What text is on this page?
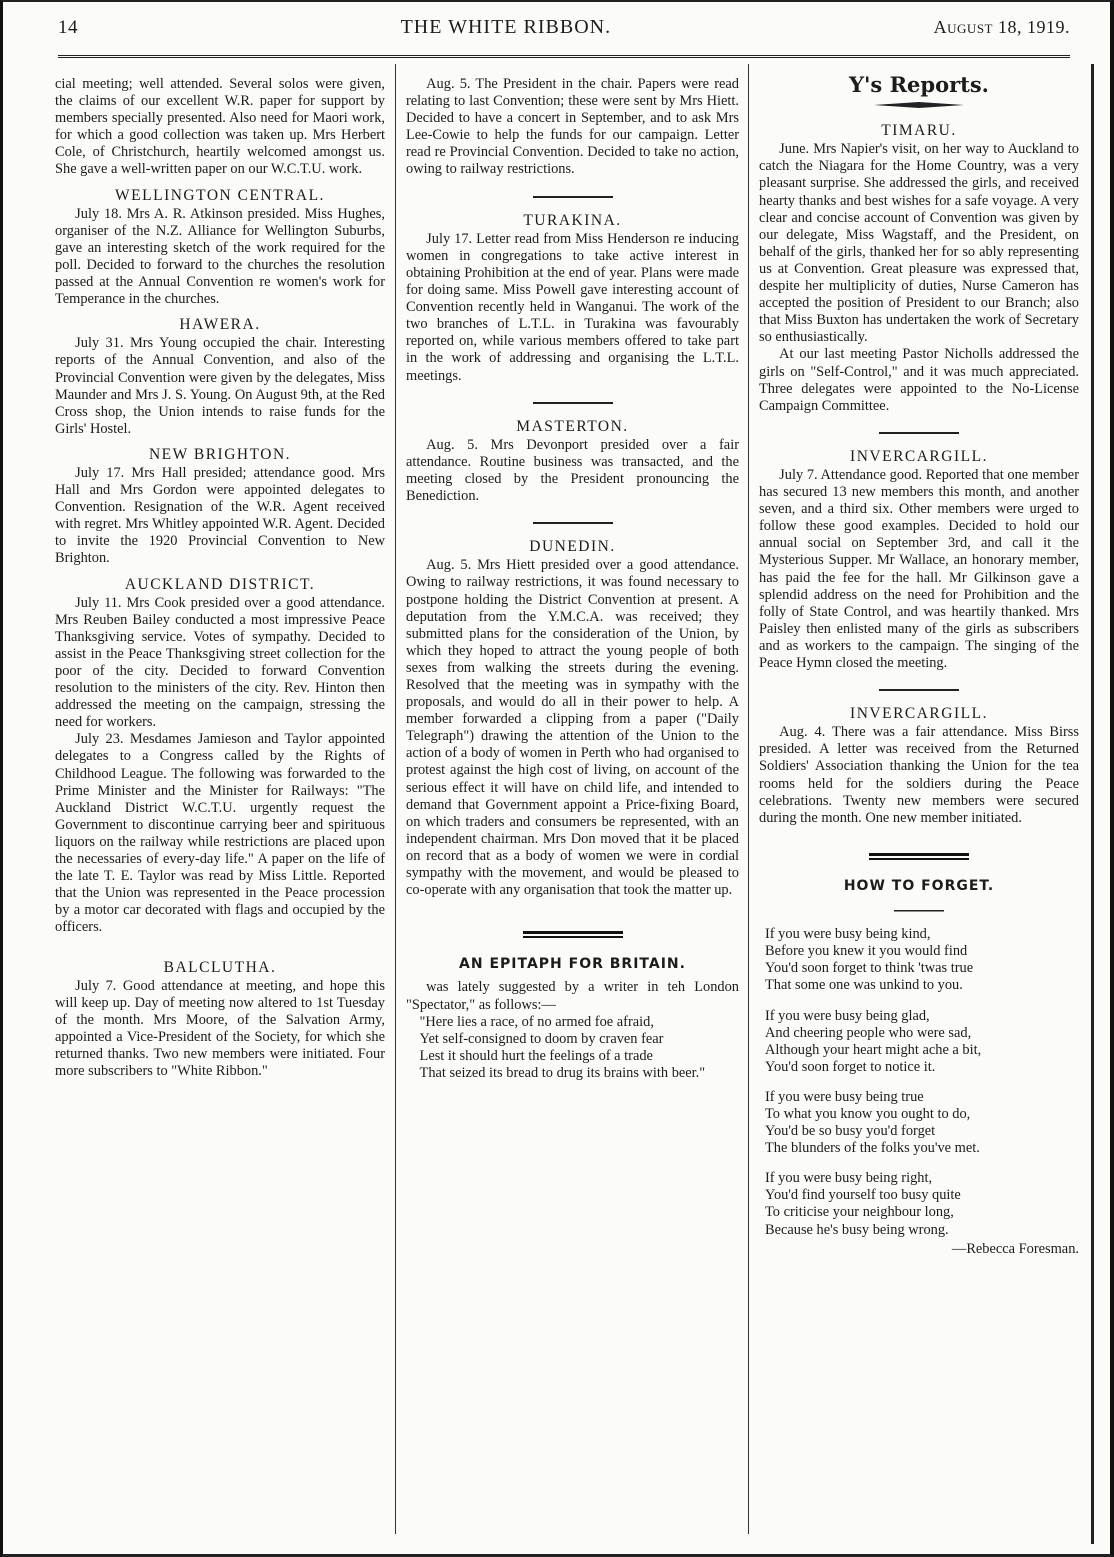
14	THE WHITE RIBBON.	August 18, 1919.

cial meeting; well attended. Several solos were given, the claims of our excellent W.R. paper for support by members specially presented. Also need for Maori work, for which a good collection was taken up. Mrs Herbert Cole, of Christchurch, heartily welcomed amongst us. She gave a well-written paper on our W.C.T.U. work.

WELLINGTON CENTRAL.

July 18. Mrs A. R. Atkinson presided. Miss Hughes, organiser of the N.Z. Alliance for Wellington Suburbs, gave an interesting sketch of the work required for the poll. Decided to forward to the churches the resolution passed at the Annual Convention re women's work for Temperance in the churches.

HAWERA.

July 31. Mrs Young occupied the chair. Interesting reports of the Annual Convention, and also of the Provincial Convention were given by the delegates, Miss Maunder and Mrs J. S. Young. On August 9th, at the Red Cross shop, the Union intends to raise funds for the Girls' Hostel.

NEW BRIGHTON.

July 17. Mrs Hall presided; attendance good. Mrs Hall and Mrs Gordon were appointed delegates to Convention. Resignation of the W.R. Agent received with regret. Mrs Whitley appointed W.R. Agent. Decided to invite the 1920 Provincial Convention to New Brighton.

AUCKLAND DISTRICT.

July 11. Mrs Cook presided over a good attendance. Mrs Reuben Bailey conducted a most impressive Peace Thanksgiving service. Votes of sympathy. Decided to assist in the Peace Thanksgiving street collection for the poor of the city. Decided to forward Convention resolution to the ministers of the city. Rev. Hinton then addressed the meeting on the campaign, stressing the need for workers.

July 23. Mesdames Jamieson and Taylor appointed delegates to a Congress called by the Rights of Childhood League. The following was forwarded to the Prime Minister and the Minister for Railways: "The Auckland District W.C.T.U. urgently request the Government to discontinue carrying beer and spirituous liquors on the railway while restrictions are placed upon the necessaries of every-day life." A paper on the life of the late T. E. Taylor was read by Miss Little. Reported that the Union was represented in the Peace procession by a motor car decorated with flags and occupied by the officers.

BALCLUTHA.

July 7. Good attendance at meeting, and hope this will keep up. Day of meeting now altered to 1st Tuesday of the month. Mrs Moore, of the Salvation Army, appointed a Vice-President of the Society, for which she returned thanks. Two new members were initiated. Four more subscribers to "White Ribbon."

Aug. 5. The President in the chair. Papers were read relating to last Convention; these were sent by Mrs Hiett. Decided to have a concert in September, and to ask Mrs Lee-Cowie to help the funds for our campaign. Letter read re Provincial Convention. Decided to take no action, owing to railway restrictions.

TURAKINA.

July 17. Letter read from Miss Henderson re inducing women in congregations to take active interest in obtaining Prohibition at the end of year. Plans were made for doing same. Miss Powell gave interesting account of Convention recently held in Wanganui. The work of the two branches of L.T.L. in Turakina was favourably reported on, while various members offered to take part in the work of addressing and organising the L.T.L. meetings.

MASTERTON.

Aug. 5. Mrs Devonport presided over a fair attendance. Routine business was transacted, and the meeting closed by the President pronouncing the Benediction.

DUNEDIN.

Aug. 5. Mrs Hiett presided over a good attendance. Owing to railway restrictions, it was found necessary to postpone holding the District Convention at present. A deputation from the Y.M.C.A. was received; they submitted plans for the consideration of the Union, by which they hoped to attract the young people of both sexes from walking the streets during the evening. Resolved that the meeting was in sympathy with the proposals, and would do all in their power to help. A member forwarded a clipping from a paper ("Daily Telegraph") drawing the attention of the Union to the action of a body of women in Perth who had organised to protest against the high cost of living, on account of the serious effect it will have on child life, and intended to demand that Government appoint a Price-fixing Board, on which traders and consumers be represented, with an independent chairman. Mrs Don moved that it be placed on record that as a body of women we were in cordial sympathy with the movement, and would be pleased to co-operate with any organisation that took the matter up.

AN EPITAPH FOR BRITAIN.

was lately suggested by a writer in teh London "Spectator," as follows:—

"Here lies a race, of no armed foe afraid,
Yet self-consigned to doom by craven fear
Lest it should hurt the feelings of a trade
That seized its bread to drug its brains with beer."
Y's Reports.
TIMARU.

June. Mrs Napier's visit, on her way to Auckland to catch the Niagara for the Home Country, was a very pleasant surprise. She addressed the girls, and received hearty thanks and best wishes for a safe voyage. A very clear and concise account of Convention was given by our delegate, Miss Wagstaff, and the President, on behalf of the girls, thanked her for so ably representing us at Convention. Great pleasure was expressed that, despite her multiplicity of duties, Nurse Cameron has accepted the position of President to our Branch; also that Miss Buxton has undertaken the work of Secretary so enthusiastically.

At our last meeting Pastor Nicholls addressed the girls on "Self-Control," and it was much appreciated. Three delegates were appointed to the No-License Campaign Committee.

INVERCARGILL.

July 7. Attendance good. Reported that one member has secured 13 new members this month, and another seven, and a third six. Other members were urged to follow these good examples. Decided to hold our annual social on September 3rd, and call it the Mysterious Supper. Mr Wallace, an honorary member, has paid the fee for the hall. Mr Gilkinson gave a splendid address on the need for Prohibition and the folly of State Control, and was heartily thanked. Mrs Paisley then enlisted many of the girls as subscribers and as workers to the campaign. The singing of the Peace Hymn closed the meeting.

INVERCARGILL.

Aug. 4. There was a fair attendance. Miss Birss presided. A letter was received from the Returned Soldiers' Association thanking the Union for the tea rooms held for the soldiers during the Peace celebrations. Twenty new members were secured during the month. One new member initiated.

HOW TO FORGET.
If you were busy being kind,
Before you knew it you would find
You'd soon forget to think 'twas true
That some one was unkind to you.
If you were busy being glad,
And cheering people who were sad,
Although your heart might ache a bit,
You'd soon forget to notice it.
If you were busy being true
To what you know you ought to do,
You'd be so busy you'd forget
The blunders of the folks you've met.
If you were busy being right,
You'd find yourself too busy quite
To criticise your neighbour long,
Because he's busy being wrong.
—Rebecca Foresman.
